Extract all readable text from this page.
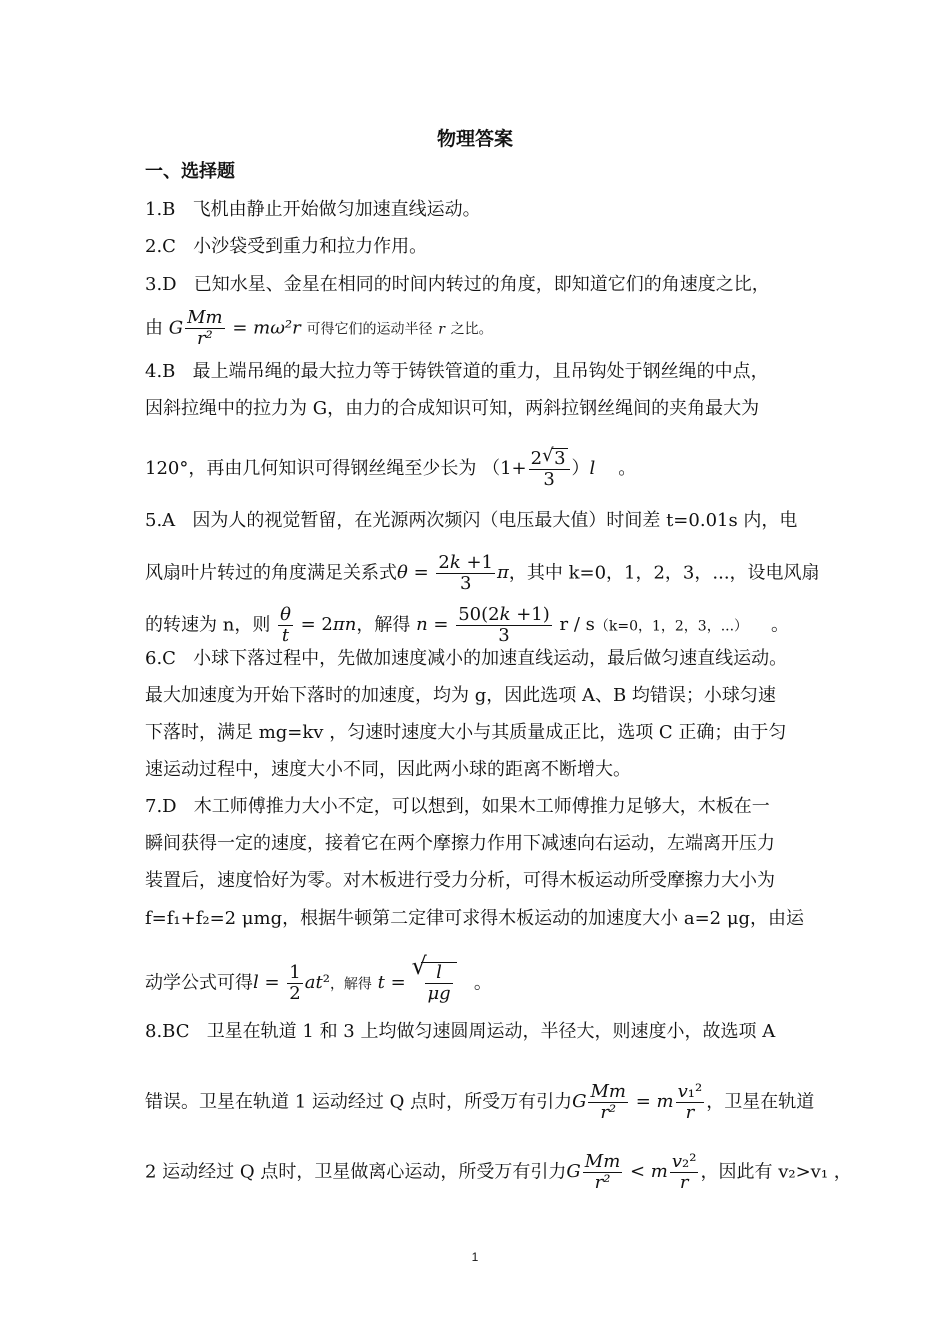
物理答案
一、选择题
1.B 飞机由静止开始做匀加速直线运动。
2.C 小沙袋受到重力和拉力作用。
3.D 已知水星、金星在相同的时间内转过的角度，即知道它们的角速度之比，
由 G $\frac{Mm}{\text{r²}} = m\omega^2r$ 可得它们的运动半径 r 之比。
4.B 最上端吊绳的最大拉力等于铸铁管道的重力，且吊钩处于钢丝绳的中点，
因斜拉绳中的拉力为 G，由力的合成知识可知，两斜拉钢丝绳间的夹角最大为
120°，再由几何知识可得钢丝绳至少长为 $(1+ \frac{2 √ 3}{3} )l$ 。
5.A 因为人的视觉暂留，在光源两次频闪（电压最大值）时间差 t=0.01s 内，电
风扇叶片转过的角度满足关系式$\theta = \frac{2k +1}{3}$ π，其中 k=0，1，2，3，...，设电风扇
的转速为 n，则 $\frac{\theta}{t} = 2\pi n$，解得 $n = \frac{50(2k +1)}{3}$ r / s（k=0，1，2，3，...） 。
6.C 小球下落过程中，先做加速度减小的加速直线运动，最后做匀速直线运动。
最大加速度为开始下落时的加速度，均为 g，因此选项 A、B 均错误；小球匀速
下落时，满足 mg=kv ，匀速时速度大小与其质量成正比，选项 C 正确；由于匀
速运动过程中，速度大小不同，因此两小球的距离不断增大。
7.D 木工师傅推力大小不定，可以想到，如果木工师傅推力足够大，木板在一
瞬间获得一定的速度，接着它在两个摩擦力作用下减速向右运动，左端离开压力
装置后，速度恰好为零。对木板进行受力分析，可得木板运动所受摩擦力大小为
f=f₁+f₂=2 μmg，根据牛顿第二定律可求得木板运动的加速度大小 a=2 μg，由运
动学公式可得$l = \frac{1}{2} at^2$，解得 t =
√
$\frac{l}{\mu g}$ 。
8.BC 卫星在轨道 1 和 3 上均做匀速圆周运动，半径大，则速度小，故选项 A
错误。卫星在轨道 1 运动经过 Q 点时，所受万有引力G $\frac{Mm}{\text{r²}} = m \frac{\text{v₁²}}{r}$ ，卫星在轨道
2 运动经过 Q 点时，卫星做离心运动，所受万有引力G $\frac{Mm}{\text{r²}} < m \frac{\text{v₂²}}{r}$ ，因此有 v₂>v₁ ，
1
